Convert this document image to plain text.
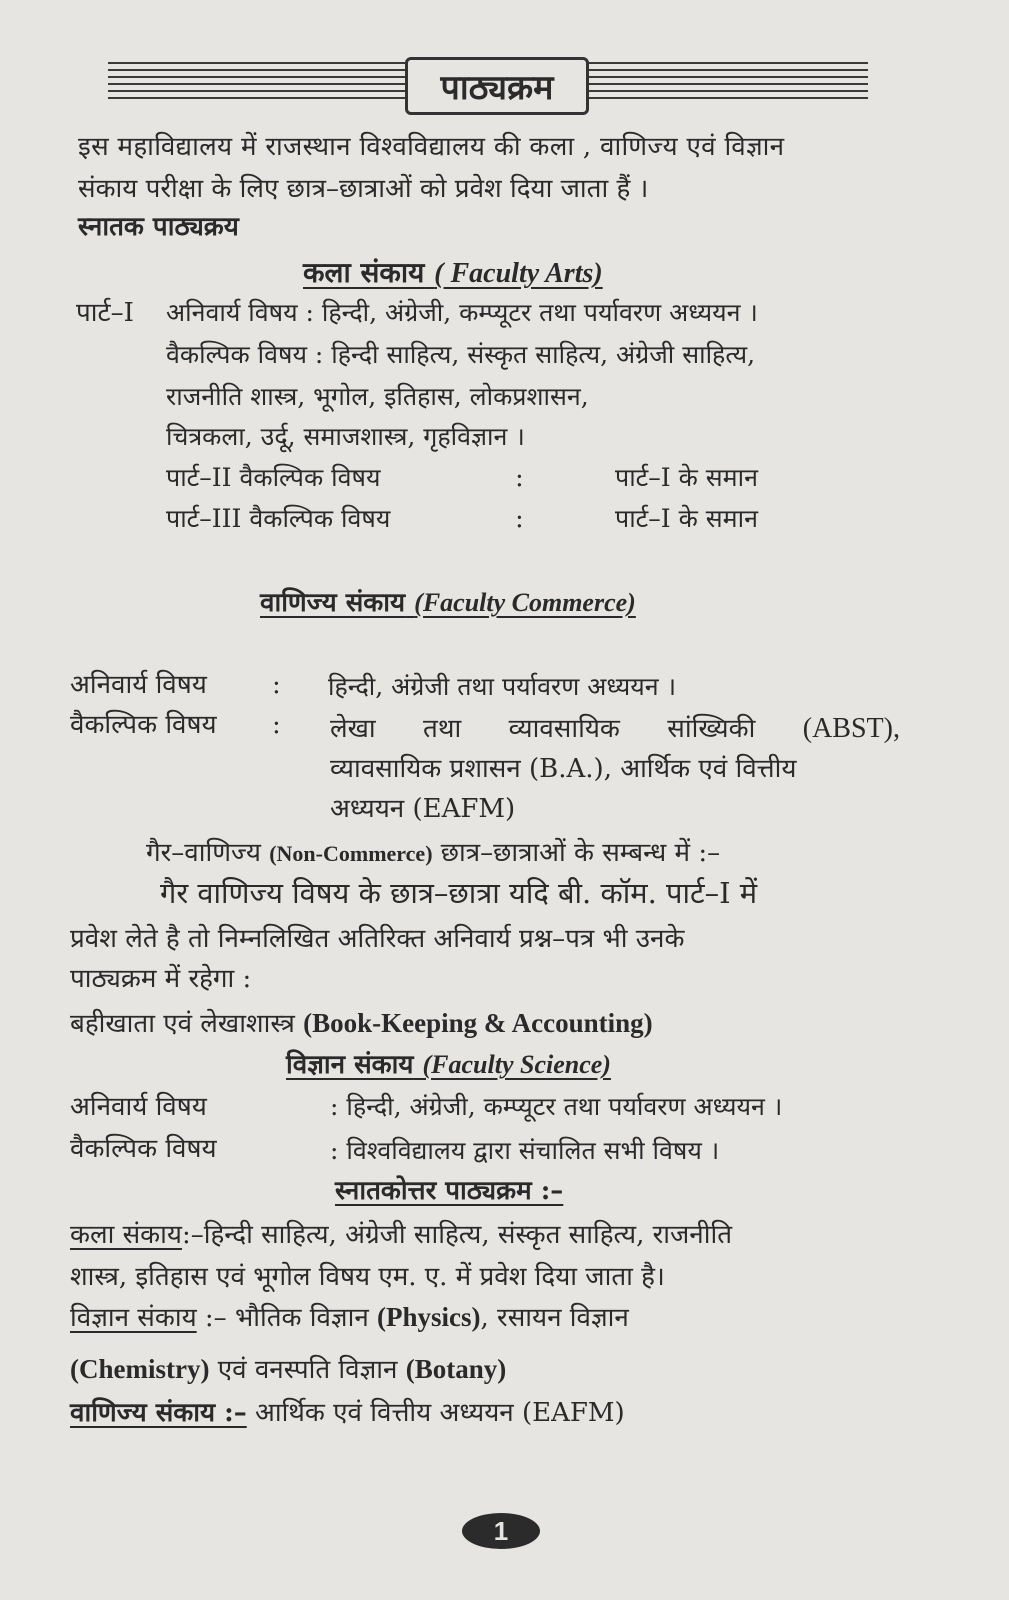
पाठ्यक्रम
इस महाविद्यालय में राजस्थान विश्वविद्यालय की कला , वाणिज्य एवं विज्ञान
संकाय परीक्षा के लिए छात्र–छात्राओं को प्रवेश दिया जाता हैं ।
स्नातक पाठ्यक्रय
कला संकाय ( Faculty Arts)
पार्ट–I अनिवार्य विषय : हिन्दी, अंग्रेजी, कम्प्यूटर तथा पर्यावरण अध्ययन ।
वैकल्पिक विषय : हिन्दी साहित्य, संस्कृत साहित्य, अंग्रेजी साहित्य,
राजनीति शास्त्र, भूगोल, इतिहास, लोकप्रशासन,
चित्रकला, उर्दू, समाजशास्त्र, गृहविज्ञान ।
पार्ट–II वैकल्पिक विषय	:	पार्ट–I के समान
पार्ट–III वैकल्पिक विषय	:	पार्ट–I के समान
वाणिज्य संकाय (Faculty Commerce)
अनिवार्य विषय	: हिन्दी, अंग्रेजी तथा पर्यावरण अध्ययन ।
वैकल्पिक विषय : लेखा तथा व्यावसायिक सांख्यिकी (ABST),
व्यावसायिक प्रशासन (B.A.), आर्थिक एवं वित्तीय
अध्ययन (EAFM)
गैर–वाणिज्य (Non-Commerce) छात्र–छात्राओं के सम्बन्ध में :–
गैर वाणिज्य विषय के छात्र–छात्रा यदि बी. कॉम. पार्ट–I में
प्रवेश लेते है तो निम्नलिखित अतिरिक्त अनिवार्य प्रश्न–पत्र भी उनके
पाठ्यक्रम में रहेगा :
बहीखाता एवं लेखाशास्त्र (Book-Keeping & Accounting)
विज्ञान संकाय (Faculty Science)
अनिवार्य विषय	: हिन्दी, अंग्रेजी, कम्प्यूटर तथा पर्यावरण अध्ययन ।
वैकल्पिक विषय	: विश्वविद्यालय द्वारा संचालित सभी विषय ।
स्नातकोत्तर पाठ्यक्रम :–
कला संकाय:–हिन्दी साहित्य, अंग्रेजी साहित्य, संस्कृत साहित्य, राजनीति
शास्त्र, इतिहास एवं भूगोल विषय एम. ए. में प्रवेश दिया जाता है।
विज्ञान संकाय :– भौतिक विज्ञान (Physics), रसायन विज्ञान
(Chemistry) एवं वनस्पति विज्ञान (Botany)
वाणिज्य संकाय :– आर्थिक एवं वित्तीय अध्ययन (EAFM)
1
